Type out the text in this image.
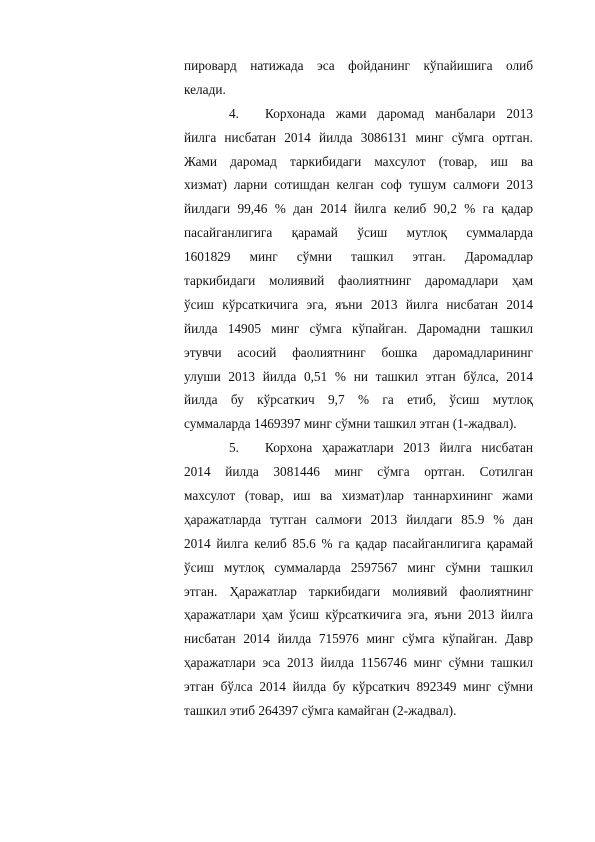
пировард натижада эса фойданинг кўпайишига олиб
келади.
4. Корхонада жами даромад манбалари 2013
йилга нисбатан 2014 йилда 3086131 минг сўмга ортган.
Жами даромад таркибидаги махсулот (товар, иш ва
хизмат) ларни сотишдан келган соф тушум салмоғи 2013
йилдаги 99,46 % дан 2014 йилга келиб 90,2 % га қадар
пасайганлигига қарамай ўсиш мутлоқ суммаларда
1601829 минг сўмни ташкил этган. Даромадлар
таркибидаги молиявий фаолиятнинг даромадлари ҳам
ўсиш кўрсаткичига эга, яъни 2013 йилга нисбатан 2014
йилда 14905 минг сўмга кўпайган. Даромадни ташкил
этувчи асосий фаолиятнинг бошка даромадларининг
улуши 2013 йилда 0,51 % ни ташкил этган бўлса, 2014
йилда бу кўрсаткич 9,7 % га етиб, ўсиш мутлоқ
суммаларда 1469397 минг сўмни ташкил этган (1-жадвал).
5. Корхона ҳаражатлари 2013 йилга нисбатан
2014 йилда 3081446 минг сўмга ортган. Сотилган
махсулот (товар, иш ва хизмат)лар таннархининг жами
ҳаражатларда тутган салмоғи 2013 йилдаги 85.9 % дан
2014 йилга келиб 85.6 % га қадар пасайганлигига қарамай
ўсиш мутлоқ суммаларда 2597567 минг сўмни ташкил
этган. Ҳаражатлар таркибидаги молиявий фаолиятнинг
ҳаражатлари ҳам ўсиш кўрсаткичига эга, яъни 2013 йилга
нисбатан 2014 йилда 715976 минг сўмга кўпайган. Давр
ҳаражатлари эса 2013 йилда 1156746 минг сўмни ташкил
этган бўлса 2014 йилда бу кўрсаткич 892349 минг сўмни
ташкил этиб 264397 сўмга камайган (2-жадвал).
